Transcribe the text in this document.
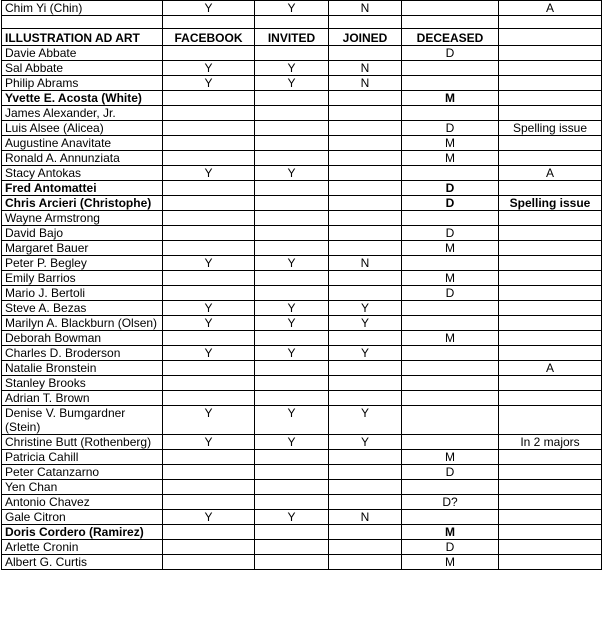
Chim Yi (Chin)	Y	Y	N		A

ILLUSTRATION AD ART	FACEBOOK	INVITED	JOINED	DECEASED	
Davie Abbate				D	
Sal Abbate	Y	Y	N		
Philip Abrams	Y	Y	N		
Yvette E. Acosta (White)				M	
James Alexander, Jr.					
Luis Alsee (Alicea)				D	Spelling issue
Augustine Anavitate				M	
Ronald A. Annunziata				M	
Stacy Antokas	Y	Y			A
Fred Antomattei				D	
Chris Arcieri (Christophe)				D	Spelling issue
Wayne Armstrong					
David Bajo				D	
Margaret Bauer				M	
Peter P. Begley	Y	Y	N		
Emily Barrios				M	
Mario J. Bertoli				D	
Steve A. Bezas	Y	Y	Y		
Marilyn A. Blackburn (Olsen)	Y	Y	Y		
Deborah Bowman				M	
Charles D. Broderson	Y	Y	Y		
Natalie Bronstein					A
Stanley Brooks					
Adrian T. Brown					
Denise V. Bumgardner (Stein)	Y	Y	Y		
Christine Butt (Rothenberg)	Y	Y	Y		In 2 majors
Patricia Cahill				M	
Peter Catanzarno				D	
Yen Chan					
Antonio Chavez				D?	
Gale Citron	Y	Y	N		
Doris Cordero (Ramirez)				M	
Arlette Cronin				D	
Albert G. Curtis				M	
